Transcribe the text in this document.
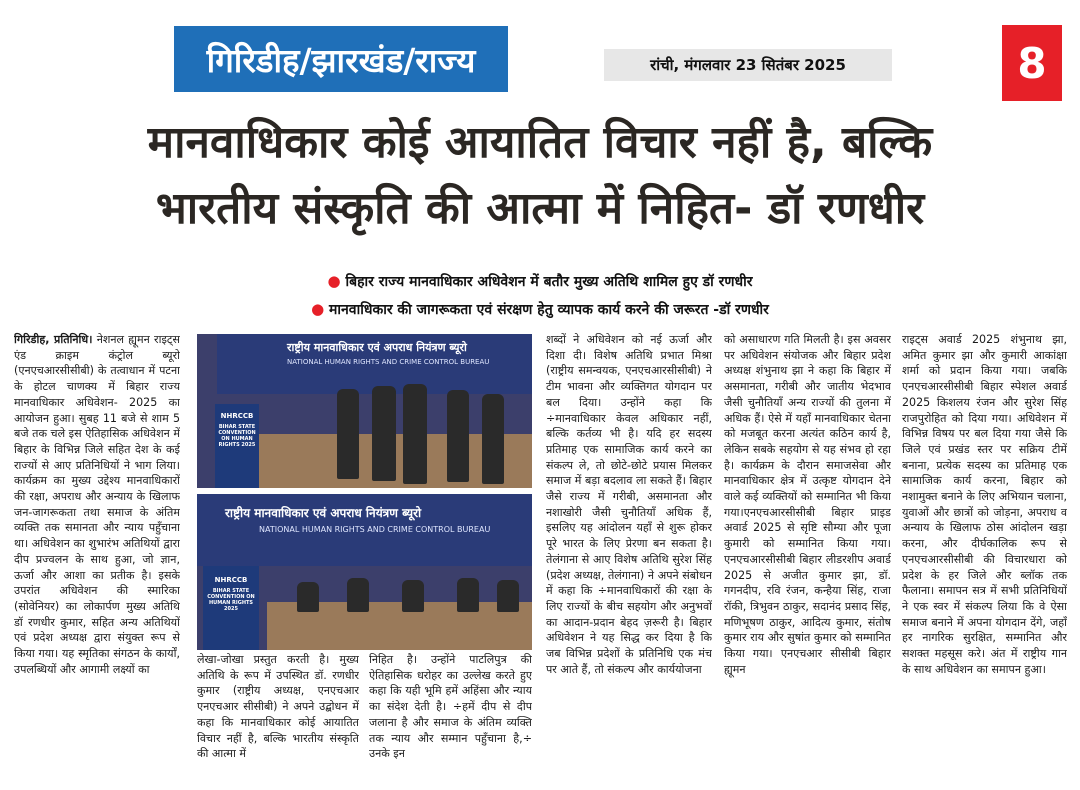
गिरिडीह/झारखंड/राज्य	रांची, मंगलवार 23 सितंबर 2025	8
मानवाधिकार कोई आयातित विचार नहीं है, बल्कि
भारतीय संस्कृति की आत्मा में निहित- डॉ रणधीर
● बिहार राज्य मानवाधिकार अधिवेशन में बतौर मुख्य अतिथि शामिल हुए डॉ रणधीर
● मानवाधिकार की जागरूकता एवं संरक्षण हेतु व्यापक कार्य करने की जरूरत -डॉ रणधीर
गिरिडीह, प्रतिनिधि। नेशनल ह्यूमन राइट्स एंड क्राइम कंट्रोल ब्यूरो (एनएचआरसीसीबी) के तत्वाधान में पटना के होटल चाणक्य में बिहार राज्य मानवाधिकार अधिवेशन- 2025 का आयोजन हुआ। सुबह 11 बजे से शाम 5 बजे तक चले इस ऐतिहासिक अधिवेशन में बिहार के विभिन्न जिले सहित देश के कई राज्यों से आए प्रतिनिधियों ने भाग लिया। कार्यक्रम का मुख्य उद्देश्य मानवाधिकारों की रक्षा, अपराध और अन्याय के खिलाफ जन-जागरूकता तथा समाज के अंतिम व्यक्ति तक समानता और न्याय पहुँचाना था। अधिवेशन का शुभारंभ अतिथियों द्वारा दीप प्रज्वलन के साथ हुआ, जो ज्ञान, ऊर्जा और आशा का प्रतीक है। इसके उपरांत अधिवेशन की स्मारिका (सोवेनियर) का लोकार्पण मुख्य अतिथि डॉ रणधीर कुमार, सहित अन्य अतिथियों एवं प्रदेश अध्यक्ष द्वारा संयुक्त रूप से किया गया। यह स्मृतिका संगठन के कार्यों, उपलब्धियों और आगामी लक्ष्यों का
राष्ट्रीय मानवाधिकार एवं अपराध नियंत्रण ब्यूरो
NATIONAL HUMAN RIGHTS AND CRIME CONTROL BUREAU
NHRCCB
BIHAR STATE CONVENTION ON HUMAN RIGHTS 2025
राष्ट्रीय मानवाधिकार एवं अपराध नियंत्रण ब्यूरो
NATIONAL HUMAN RIGHTS AND CRIME CONTROL BUREAU
NHRCCB
BIHAR STATE CONVENTION ON HUMAN RIGHTS 2025
लेखा-जोखा प्रस्तुत करती है। मुख्य अतिथि के रूप में उपस्थित डॉ. रणधीर कुमार (राष्ट्रीय अध्यक्ष, एनएचआर एनएचआर सीसीबी) ने अपने उद्बोधन में कहा कि मानवाधिकार कोई आयातित विचार नहीं है, बल्कि भारतीय संस्कृति की आत्मा में
निहित है। उन्होंने पाटलिपुत्र की ऐतिहासिक धरोहर का उल्लेख करते हुए कहा कि यही भूमि हमें अहिंसा और न्याय का संदेश देती है। ÷हमें दीप से दीप जलाना है और समाज के अंतिम व्यक्ति तक न्याय और सम्मान पहुँचाना है,÷ उनके इन
शब्दों ने अधिवेशन को नई ऊर्जा और दिशा दी। विशेष अतिथि प्रभात मिश्रा (राष्ट्रीय समन्वयक, एनएचआरसीसीबी) ने टीम भावना और व्यक्तिगत योगदान पर बल दिया। उन्होंने कहा कि ÷मानवाधिकार केवल अधिकार नहीं, बल्कि कर्तव्य भी है। यदि हर सदस्य प्रतिमाह एक सामाजिक कार्य करने का संकल्प ले, तो छोटे-छोटे प्रयास मिलकर समाज में बड़ा बदलाव ला सकते हैं। बिहार जैसे राज्य में गरीबी, असमानता और नशाखोरी जैसी चुनौतियाँ अधिक हैं, इसलिए यह आंदोलन यहाँ से शुरू होकर पूरे भारत के लिए प्रेरणा बन सकता है। तेलंगाना से आए विशेष अतिथि सुरेश सिंह (प्रदेश अध्यक्ष, तेलंगाना) ने अपने संबोधन में कहा कि ÷मानवाधिकारों की रक्षा के लिए राज्यों के बीच सहयोग और अनुभवों का आदान-प्रदान बेहद ज़रूरी है। बिहार अधिवेशन ने यह सिद्ध कर दिया है कि जब विभिन्न प्रदेशों के प्रतिनिधि एक मंच पर आते हैं, तो संकल्प और कार्ययोजना
को असाधारण गति मिलती है। इस अवसर पर अधिवेशन संयोजक और बिहार प्रदेश अध्यक्ष शंभुनाथ झा ने कहा कि बिहार में असमानता, गरीबी और जातीय भेदभाव जैसी चुनौतियाँ अन्य राज्यों की तुलना में अधिक हैं। ऐसे में यहाँ मानवाधिकार चेतना को मजबूत करना अत्यंत कठिन कार्य है, लेकिन सबके सहयोग से यह संभव हो रहा है। कार्यक्रम के दौरान समाजसेवा और मानवाधिकार क्षेत्र में उत्कृष्ट योगदान देने वाले कई व्यक्तियों को सम्मानित भी किया गया।एनएचआरसीसीबी बिहार प्राइड अवार्ड 2025 से सृष्टि सौम्या और पूजा कुमारी को सम्मानित किया गया। एनएचआरसीसीबी बिहार लीडरशीप अवार्ड 2025 से अजीत कुमार झा, डॉ. गगनदीप, रवि रंजन, कन्हैया सिंह, राजा रॉकी, त्रिभुवन ठाकुर, सदानंद प्रसाद सिंह, मणिभूषण ठाकुर, आदित्य कुमार, संतोष कुमार राय और सुषांत कुमार को सम्मानित किया गया। एनएचआर सीसीबी बिहार ह्यूमन
राइट्स अवार्ड 2025 शंभुनाथ झा, अमित कुमार झा और कुमारी आकांक्षा शर्मा को प्रदान किया गया। जबकि एनएचआरसीसीबी बिहार स्पेशल अवार्ड 2025 किशलय रंजन और सुरेश सिंह राजपुरोहित को दिया गया। अधिवेशन में विभिन्न विषय पर बल दिया गया जैसे कि जिले एवं प्रखंड स्तर पर सक्रिय टीमें बनाना, प्रत्येक सदस्य का प्रतिमाह एक सामाजिक कार्य करना, बिहार को नशामुक्त बनाने के लिए अभियान चलाना, युवाओं और छात्रों को जोड़ना, अपराध व अन्याय के खिलाफ ठोस आंदोलन खड़ा करना, और दीर्घकालिक रूप से एनएचआरसीसीबी की विचारधारा को प्रदेश के हर जिले और ब्लॉक तक फैलाना। समापन सत्र में सभी प्रतिनिधियों ने एक स्वर में संकल्प लिया कि वे ऐसा समाज बनाने में अपना योगदान देंगे, जहाँ हर नागरिक सुरक्षित, सम्मानित और सशक्त महसूस करे। अंत में राष्ट्रीय गान के साथ अधिवेशन का समापन हुआ।
